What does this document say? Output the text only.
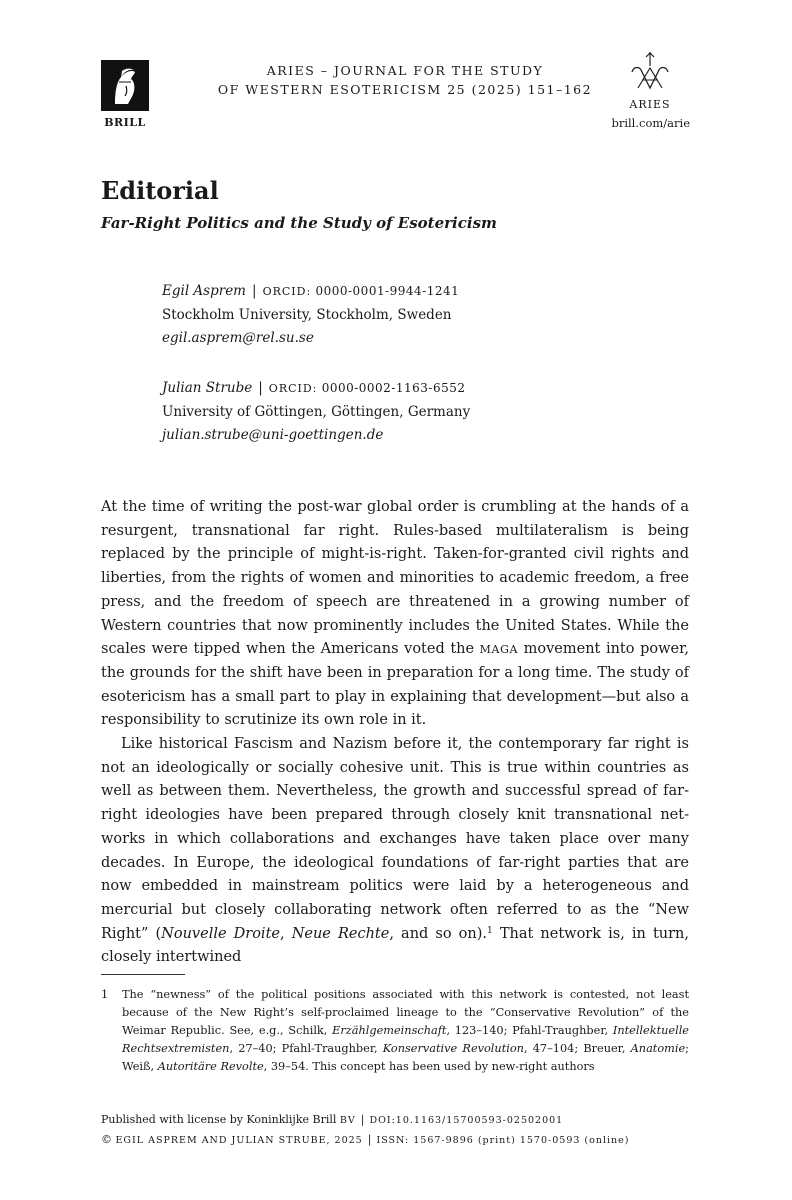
BRILL
ARIES – JOURNAL FOR THE STUDY
OF WESTERN ESOTERICISM 25 (2025) 151–162
ARIES
brill.com/arie
Editorial
Far-Right Politics and the Study of Esotericism
Egil Asprem | ORCID: 0000-0001-9944-1241
Stockholm University, Stockholm, Sweden
egil.asprem@rel.su.se
Julian Strube | ORCID: 0000-0002-1163-6552
University of Göttingen, Göttingen, Germany
julian.strube@uni-goettingen.de

At the time of writing the post-war global order is crumbling at the hands of a resurgent, transnational far right. Rules-based multilateralism is being replaced by the principle of might-is-right. Taken-for-granted civil rights and liberties, from the rights of women and minorities to academic freedom, a free press, and the freedom of speech are threatened in a growing number of Western countries that now prominently includes the United States. While the scales were tipped when the Americans voted the MAGA movement into power, the grounds for the shift have been in preparation for a long time. The study of esotericism has a small part to play in explaining that development—but also a responsibility to scrutinize its own role in it.

Like historical Fascism and Nazism before it, the contemporary far right is not an ideologically or socially cohesive unit. This is true within countries as well as between them. Nevertheless, the growth and successful spread of far-right ideologies have been prepared through closely knit transnational networks in which collaborations and exchanges have taken place over many decades. In Europe, the ideological foundations of far-right parties that are now embedded in mainstream politics were laid by a heterogeneous and mercurial but closely collaborating network often referred to as the “New Right” (Nouvelle Droite, Neue Rechte, and so on).$^1$ That network is, in turn, closely intertwined

1 The “newness” of the political positions associated with this network is contested, not least because of the New Right’s self-proclaimed lineage to the “Conservative Revolution” of the Weimar Republic. See, e.g., Schilk, Erzählgemeinschaft, 123–140; Pfahl-Traughber, Intellektuelle Rechtsextremisten, 27–40; Pfahl-Traughber, Konservative Revolution, 47–104; Breuer, Anatomie; Weiß, Autoritäre Revolte, 39–54. This concept has been used by new-right authors
Published with license by Koninklijke Brill BV | DOI:10.1163/15700593-02502001
© EGIL ASPREM AND JULIAN STRUBE, 2025 | ISSN: 1567-9896 (print) 1570-0593 (online)
